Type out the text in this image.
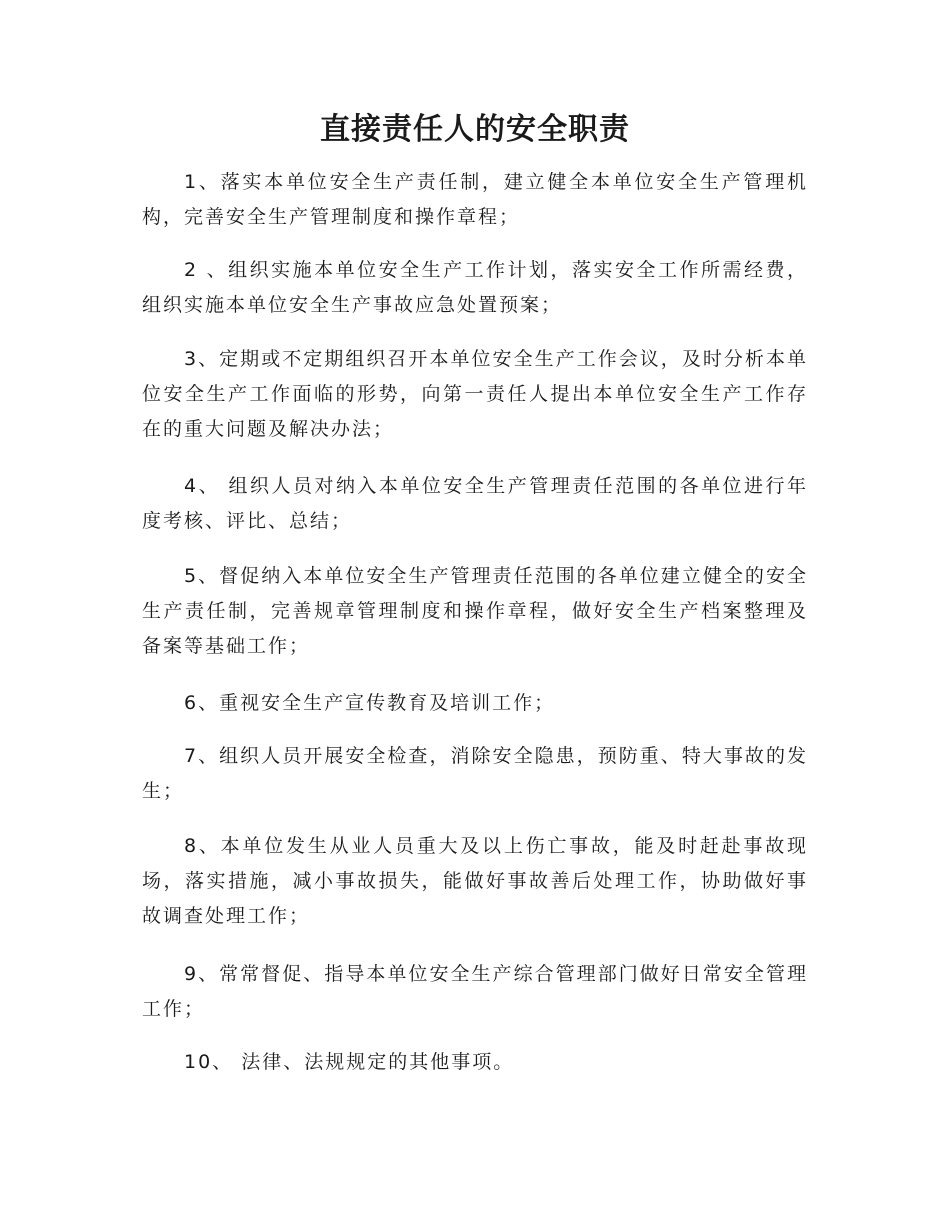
直接责任人的安全职责

1、落实本单位安全生产责任制，建立健全本单位安全生产管理机构，完善安全生产管理制度和操作章程；

2 、组织实施本单位安全生产工作计划，落实安全工作所需经费，组织实施本单位安全生产事故应急处置预案；

3、定期或不定期组织召开本单位安全生产工作会议，及时分析本单位安全生产工作面临的形势，向第一责任人提出本单位安全生产工作存在的重大问题及解决办法；

4、 组织人员对纳入本单位安全生产管理责任范围的各单位进行年度考核、评比、总结；

5、督促纳入本单位安全生产管理责任范围的各单位建立健全的安全生产责任制，完善规章管理制度和操作章程，做好安全生产档案整理及备案等基础工作；

6、重视安全生产宣传教育及培训工作；

7、组织人员开展安全检查，消除安全隐患，预防重、特大事故的发生；

8、本单位发生从业人员重大及以上伤亡事故，能及时赶赴事故现场，落实措施，减小事故损失，能做好事故善后处理工作，协助做好事故调查处理工作；

9、常常督促、指导本单位安全生产综合管理部门做好日常安全管理工作；

10、 法律、法规规定的其他事项。
